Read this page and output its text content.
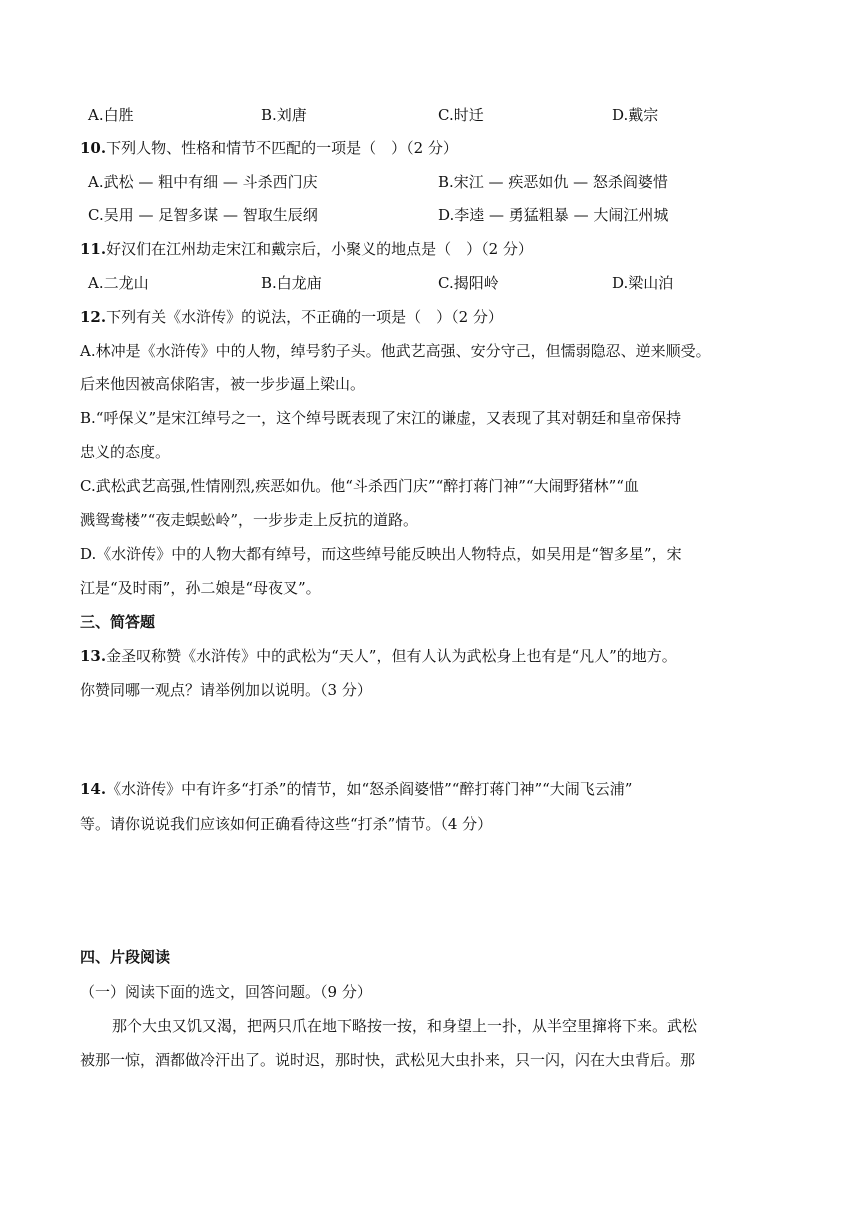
A.白胜	B.刘唐	C.时迁	D.戴宗
10.下列人物、性格和情节不匹配的一项是（　）（2 分）
A.武松 — 粗中有细 — 斗杀西门庆	B.宋江 — 疾恶如仇 — 怒杀阎婆惜
C.吴用 — 足智多谋 — 智取生辰纲	D.李逵 — 勇猛粗暴 — 大闹江州城
11.好汉们在江州劫走宋江和戴宗后，小聚义的地点是（　）（2 分）
A.二龙山	B.白龙庙	C.揭阳岭	D.梁山泊
12.下列有关《水浒传》的说法，不正确的一项是（　）（2 分）
A.林冲是《水浒传》中的人物，绰号豹子头。他武艺高强、安分守己，但懦弱隐忍、逆来顺受。
后来他因被高俅陷害，被一步步逼上梁山。
B.“呼保义”是宋江绰号之一，这个绰号既表现了宋江的谦虚，又表现了其对朝廷和皇帝保持
忠义的态度。
C.武松武艺高强,性情刚烈,疾恶如仇。他“斗杀西门庆”“醉打蒋门神”“大闹野猪林”“血
溅鸳鸯楼”“夜走蜈蚣岭”，一步步走上反抗的道路。
D.《水浒传》中的人物大都有绰号，而这些绰号能反映出人物特点，如吴用是“智多星”，宋
江是“及时雨”，孙二娘是“母夜叉”。
三、简答题
13.金圣叹称赞《水浒传》中的武松为“天人”，但有人认为武松身上也有是“凡人”的地方。
你赞同哪一观点？请举例加以说明。（3 分）
14.《水浒传》中有许多“打杀”的情节，如“怒杀阎婆惜”“醉打蒋门神”“大闹飞云浦”
等。请你说说我们应该如何正确看待这些“打杀”情节。（4 分）
四、片段阅读
（一）阅读下面的选文，回答问题。（9 分）
那个大虫又饥又渴，把两只爪在地下略按一按，和身望上一扑，从半空里撺将下来。武松
被那一惊，酒都做冷汗出了。说时迟，那时快，武松见大虫扑来，只一闪，闪在大虫背后。那
